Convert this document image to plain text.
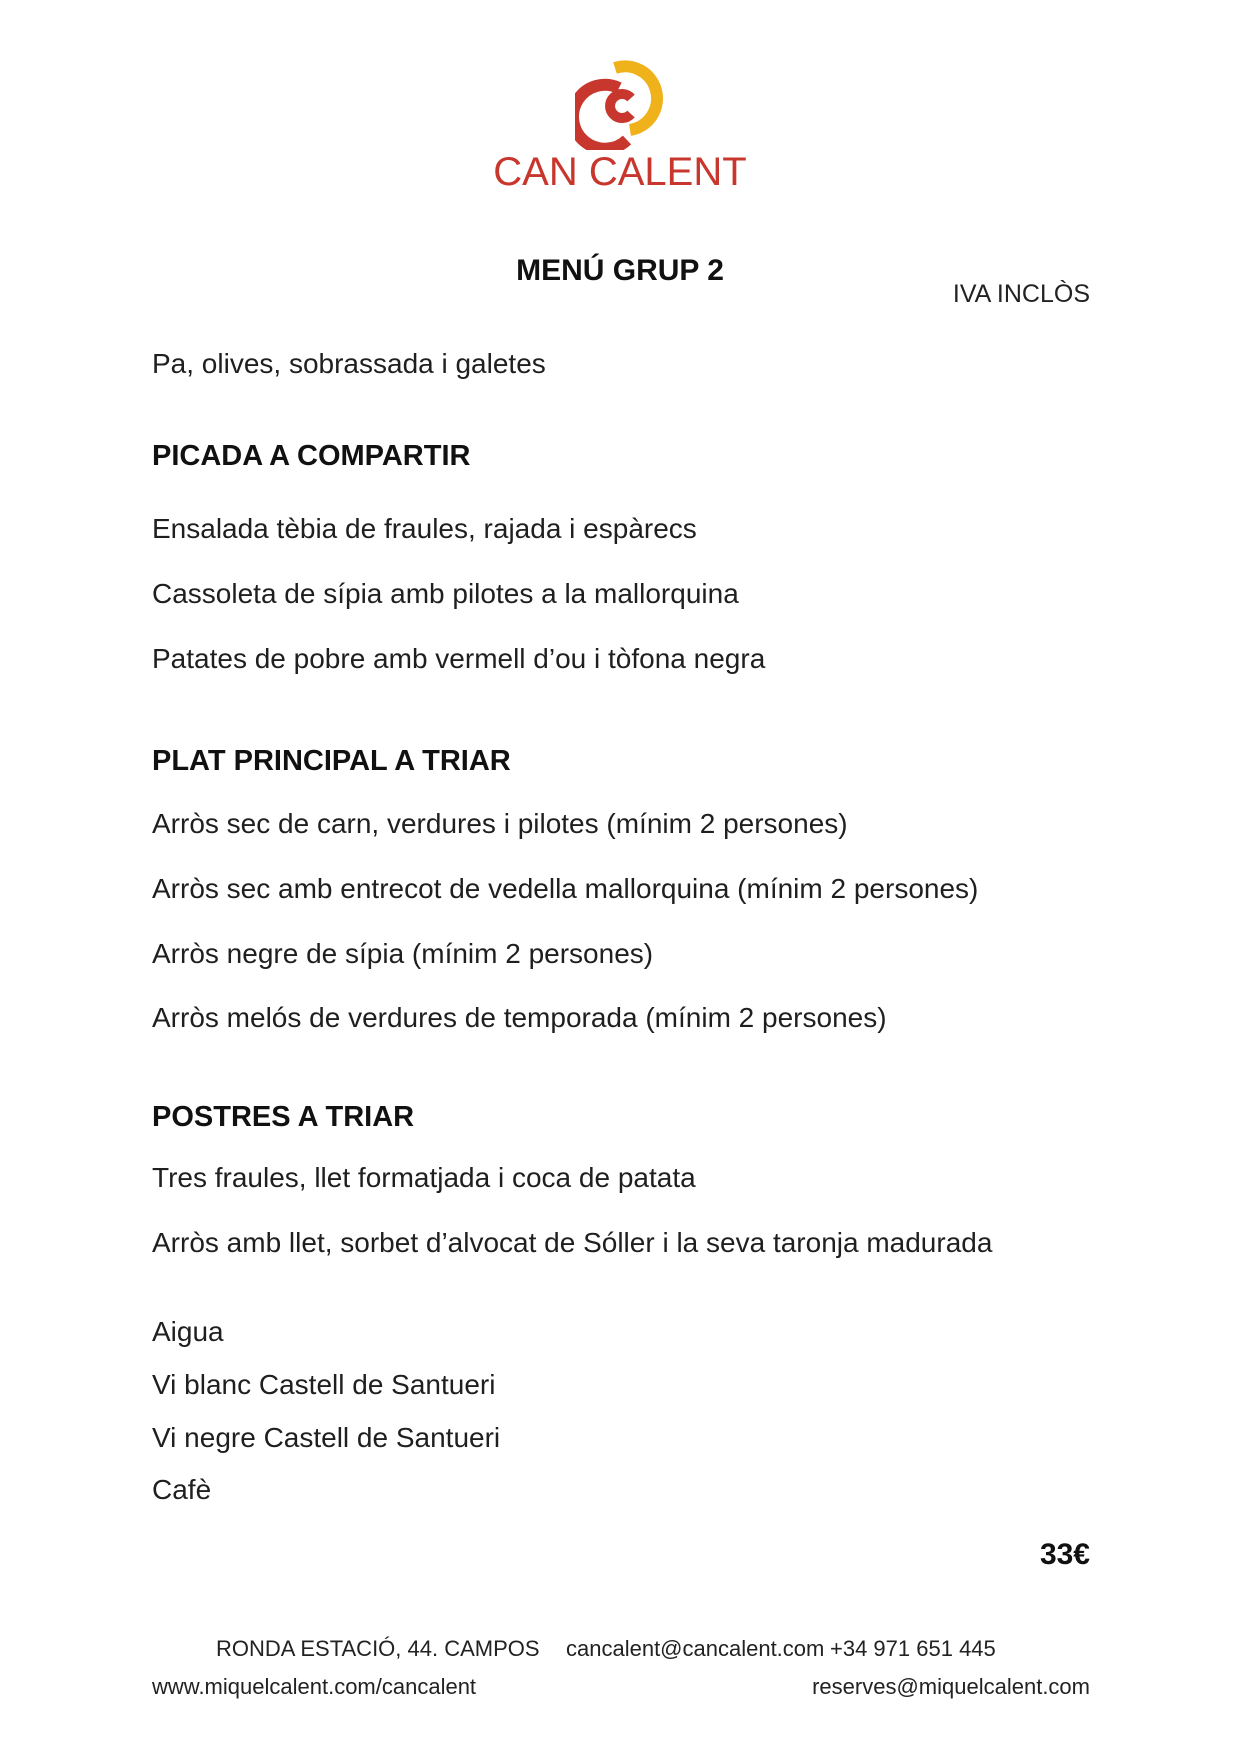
CAN CALENT
MENÚ GRUP 2
IVA INCLÒS
Pa, olives, sobrassada i galetes
PICADA A COMPARTIR
Ensalada tèbia de fraules, rajada i espàrecs
Cassoleta de sípia amb pilotes a la mallorquina
Patates de pobre amb vermell d’ou i tòfona negra
PLAT PRINCIPAL A TRIAR
Arròs sec de carn, verdures i pilotes (mínim 2 persones)
Arròs sec amb entrecot de vedella mallorquina (mínim 2 persones)
Arròs negre de sípia (mínim 2 persones)
Arròs melós de verdures de temporada (mínim 2 persones)
POSTRES A TRIAR
Tres fraules, llet formatjada i coca de patata
Arròs amb llet, sorbet d’alvocat de Sóller i la seva taronja madurada
Aigua
Vi blanc Castell de Santueri
Vi negre Castell de Santueri
Cafè
33€
RONDA ESTACIÓ, 44. CAMPOS cancalent@cancalent.com +34 971 651 445
www.miquelcalent.com/cancalent	reserves@miquelcalent.com
